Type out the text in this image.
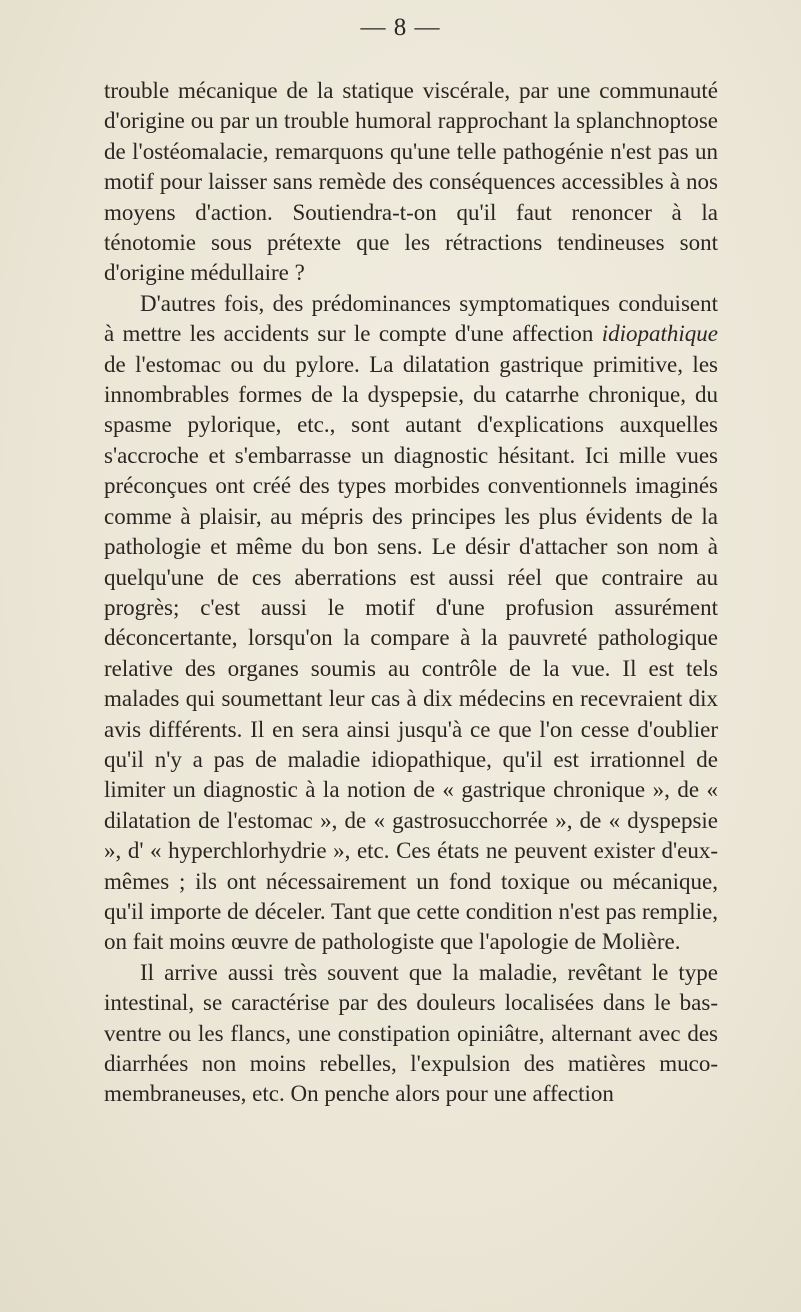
— 8 —

trouble mécanique de la statique viscérale, par une communauté d'origine ou par un trouble humoral rapprochant la splanchnoptose de l'ostéomalacie, remarquons qu'une telle pathogénie n'est pas un motif pour laisser sans remède des conséquences accessibles à nos moyens d'action. Soutiendra-t-on qu'il faut renoncer à la ténotomie sous prétexte que les rétractions tendineuses sont d'origine médullaire ?

D'autres fois, des prédominances symptomatiques conduisent à mettre les accidents sur le compte d'une affection idiopathique de l'estomac ou du pylore. La dilatation gastrique primitive, les innombrables formes de la dyspepsie, du catarrhe chronique, du spasme pylorique, etc., sont autant d'explications auxquelles s'accroche et s'embarrasse un diagnostic hésitant. Ici mille vues préconçues ont créé des types morbides conventionnels imaginés comme à plaisir, au mépris des principes les plus évidents de la pathologie et même du bon sens. Le désir d'attacher son nom à quelqu'une de ces aberrations est aussi réel que contraire au progrès; c'est aussi le motif d'une profusion assurément déconcertante, lorsqu'on la compare à la pauvreté pathologique relative des organes soumis au contrôle de la vue. Il est tels malades qui soumettant leur cas à dix médecins en recevraient dix avis différents. Il en sera ainsi jusqu'à ce que l'on cesse d'oublier qu'il n'y a pas de maladie idiopathique, qu'il est irrationnel de limiter un diagnostic à la notion de « gastrique chronique », de « dilatation de l'estomac », de « gastrosucchorrée », de « dyspepsie », d' « hyperchlorhydrie », etc. Ces états ne peuvent exister d'eux-mêmes ; ils ont nécessairement un fond toxique ou mécanique, qu'il importe de déceler. Tant que cette condition n'est pas remplie, on fait moins œuvre de pathologiste que l'apologie de Molière.

Il arrive aussi très souvent que la maladie, revêtant le type intestinal, se caractérise par des douleurs localisées dans le bas-ventre ou les flancs, une constipation opiniâtre, alternant avec des diarrhées non moins rebelles, l'expulsion des matières muco-membraneuses, etc. On penche alors pour une affection
